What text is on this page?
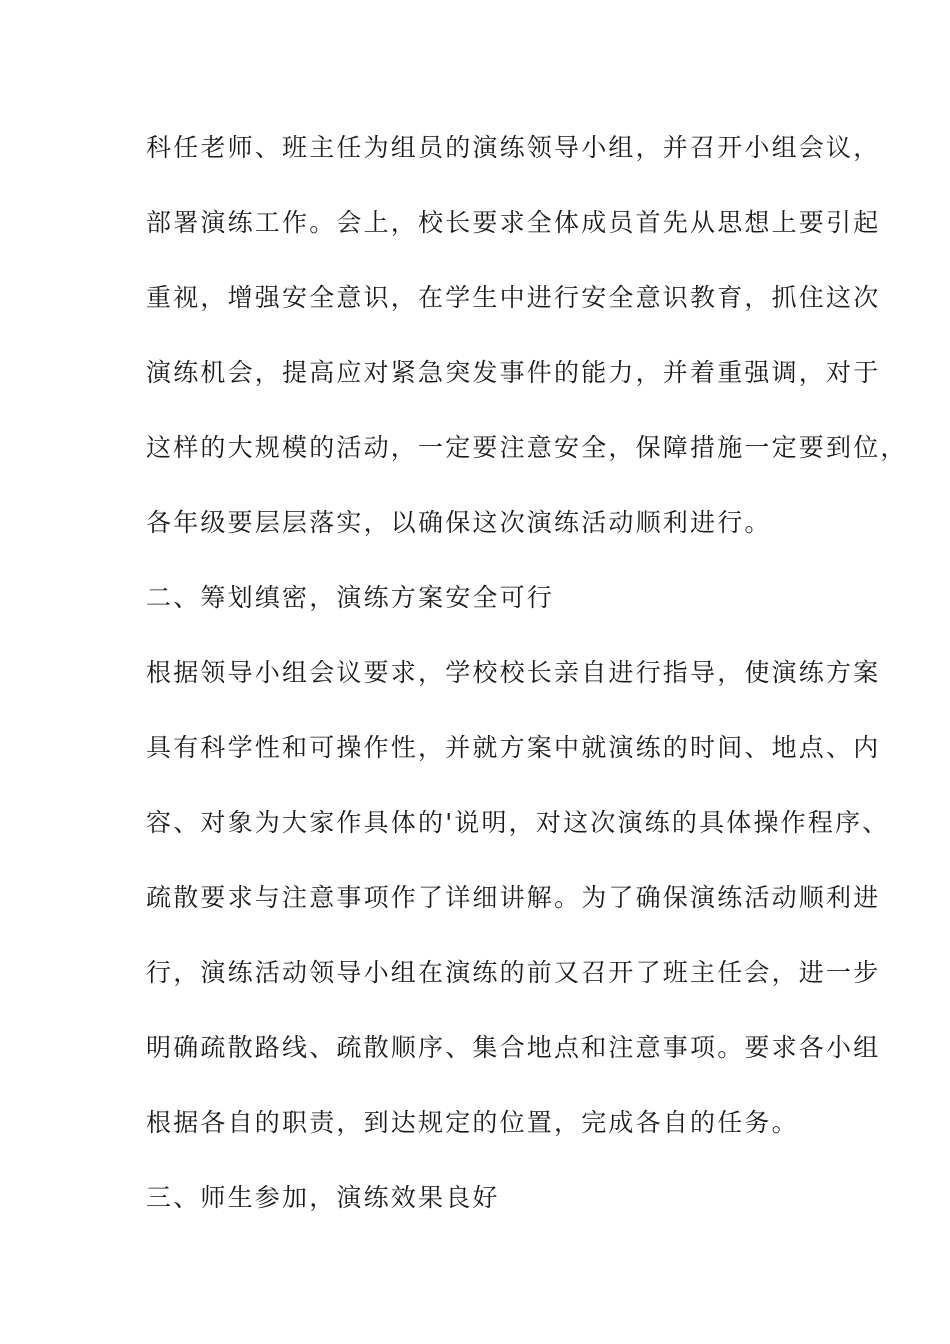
科任老师、班主任为组员的演练领导小组，并召开小组会议，
部署演练工作。会上，校长要求全体成员首先从思想上要引起
重视，增强安全意识，在学生中进行安全意识教育，抓住这次
演练机会，提高应对紧急突发事件的能力，并着重强调，对于
这样的大规模的活动，一定要注意安全，保障措施一定要到位，
各年级要层层落实，以确保这次演练活动顺利进行。
二、筹划缜密，演练方案安全可行
根据领导小组会议要求，学校校长亲自进行指导，使演练方案
具有科学性和可操作性，并就方案中就演练的时间、地点、内
容、对象为大家作具体的'说明，对这次演练的具体操作程序、
疏散要求与注意事项作了详细讲解。为了确保演练活动顺利进
行，演练活动领导小组在演练的前又召开了班主任会，进一步
明确疏散路线、疏散顺序、集合地点和注意事项。要求各小组
根据各自的职责，到达规定的位置，完成各自的任务。
三、师生参加，演练效果良好
